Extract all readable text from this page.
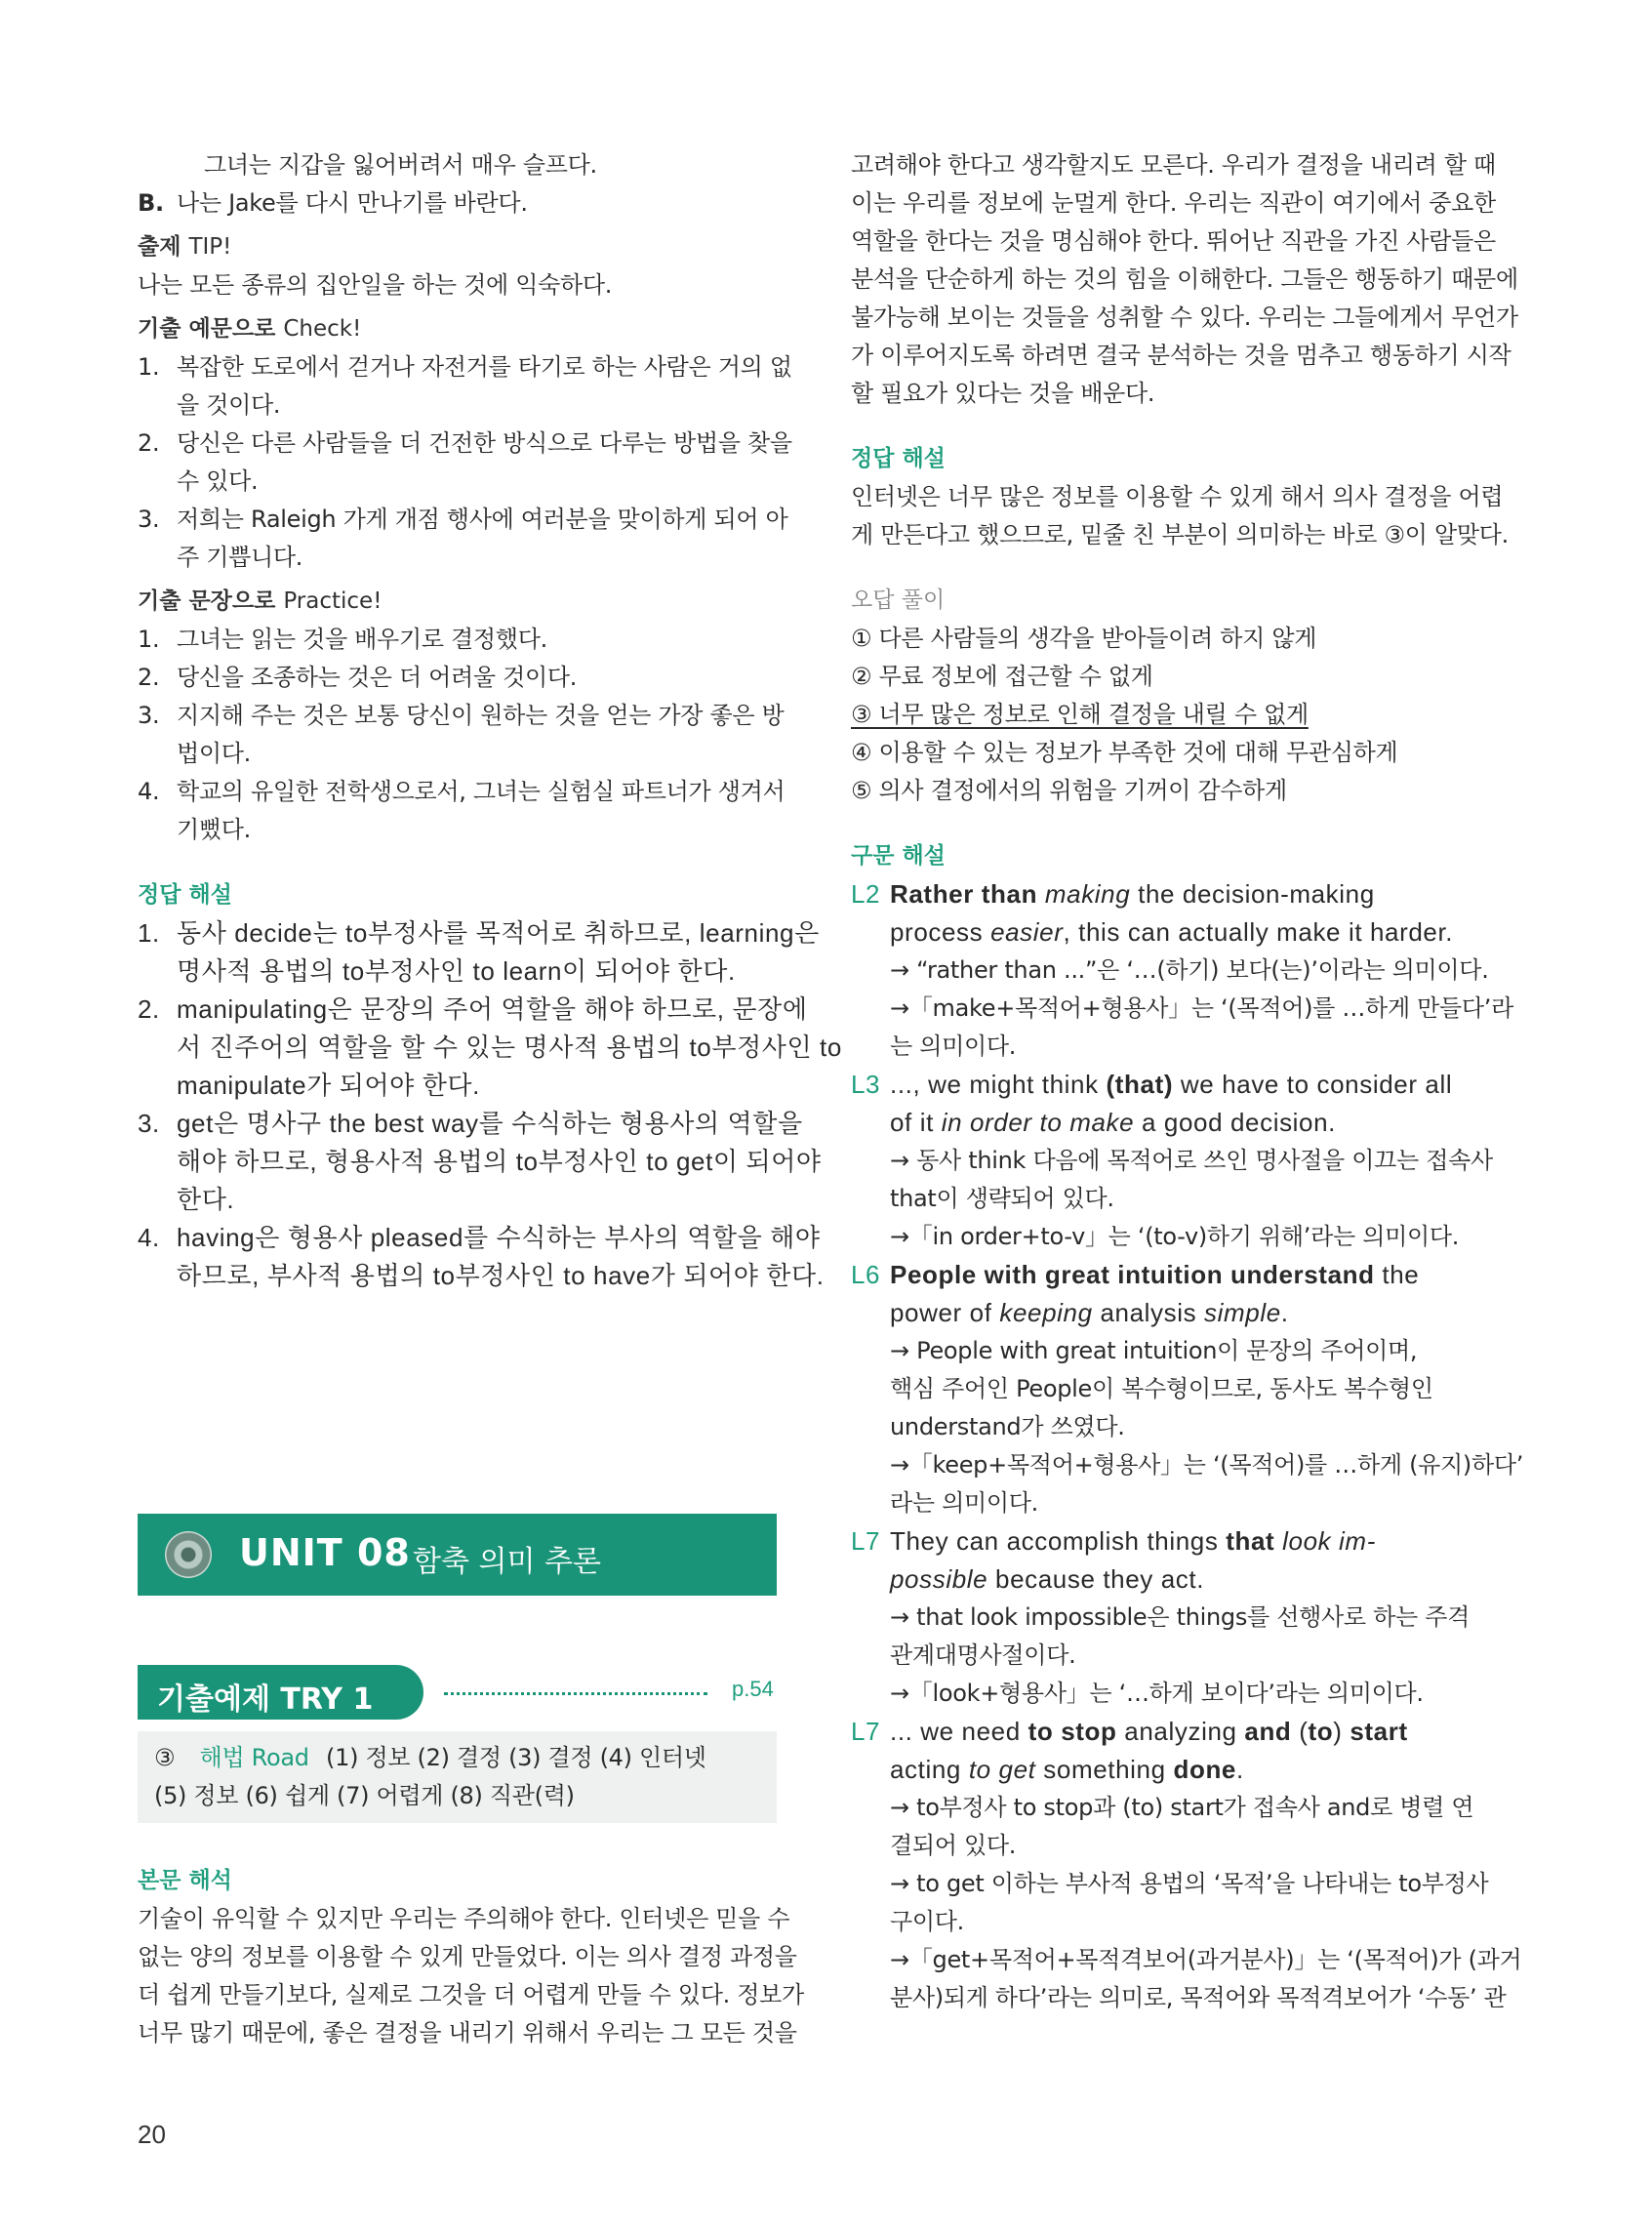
그녀는 지갑을 잃어버려서 매우 슬프다.
B. 나는 Jake를 다시 만나기를 바란다.
출제 TIP!
나는 모든 종류의 집안일을 하는 것에 익숙하다.
기출 예문으로 Check!
1. 복잡한 도로에서 걷거나 자전거를 타기로 하는 사람은 거의 없
을 것이다.
2. 당신은 다른 사람들을 더 건전한 방식으로 다루는 방법을 찾을
수 있다.
3. 저희는 Raleigh 가게 개점 행사에 여러분을 맞이하게 되어 아
주 기쁩니다.
기출 문장으로 Practice!
1. 그녀는 읽는 것을 배우기로 결정했다.
2. 당신을 조종하는 것은 더 어려울 것이다.
3. 지지해 주는 것은 보통 당신이 원하는 것을 얻는 가장 좋은 방
법이다.
4. 학교의 유일한 전학생으로서, 그녀는 실험실 파트너가 생겨서
기뻤다.
정답 해설
1. 동사 decide는 to부정사를 목적어로 취하므로, learning은
명사적 용법의 to부정사인 to learn이 되어야 한다.
2. manipulating은 문장의 주어 역할을 해야 하므로, 문장에
서 진주어의 역할을 할 수 있는 명사적 용법의 to부정사인 to
manipulate가 되어야 한다.
3. get은 명사구 the best way를 수식하는 형용사의 역할을
해야 하므로, 형용사적 용법의 to부정사인 to get이 되어야
한다.
4. having은 형용사 pleased를 수식하는 부사의 역할을 해야
하므로, 부사적 용법의 to부정사인 to have가 되어야 한다.
UNIT 08 함축 의미 추론
기출예제 TRY 1	p.54
③ 해법 Road (1) 정보 (2) 결정 (3) 결정 (4) 인터넷
(5) 정보 (6) 쉽게 (7) 어렵게 (8) 직관(력)
본문 해석
기술이 유익할 수 있지만 우리는 주의해야 한다. 인터넷은 믿을 수
없는 양의 정보를 이용할 수 있게 만들었다. 이는 의사 결정 과정을
더 쉽게 만들기보다, 실제로 그것을 더 어렵게 만들 수 있다. 정보가
너무 많기 때문에, 좋은 결정을 내리기 위해서 우리는 그 모든 것을
고려해야 한다고 생각할지도 모른다. 우리가 결정을 내리려 할 때
이는 우리를 정보에 눈멀게 한다. 우리는 직관이 여기에서 중요한
역할을 한다는 것을 명심해야 한다. 뛰어난 직관을 가진 사람들은
분석을 단순하게 하는 것의 힘을 이해한다. 그들은 행동하기 때문에
불가능해 보이는 것들을 성취할 수 있다. 우리는 그들에게서 무언가
가 이루어지도록 하려면 결국 분석하는 것을 멈추고 행동하기 시작
할 필요가 있다는 것을 배운다.
정답 해설
인터넷은 너무 많은 정보를 이용할 수 있게 해서 의사 결정을 어렵
게 만든다고 했으므로, 밑줄 친 부분이 의미하는 바로 ③이 알맞다.
오답 풀이
① 다른 사람들의 생각을 받아들이려 하지 않게
② 무료 정보에 접근할 수 없게
③ 너무 많은 정보로 인해 결정을 내릴 수 없게
④ 이용할 수 있는 정보가 부족한 것에 대해 무관심하게
⑤ 의사 결정에서의 위험을 기꺼이 감수하게
구문 해설
L2 Rather than making the decision-making
process easier, this can actually make it harder.
→ “rather than ...”은 ‘…(하기) 보다(는)’이라는 의미이다.
→「make+목적어+형용사」는 ‘(목적어)를 …하게 만들다’라
는 의미이다.
L3 ..., we might think (that) we have to consider all
of it in order to make a good decision.
→ 동사 think 다음에 목적어로 쓰인 명사절을 이끄는 접속사
that이 생략되어 있다.
→「in order+to-v」는 ‘(to-v)하기 위해’라는 의미이다.
L6 People with great intuition understand the
power of keeping analysis simple.
→ People with great intuition이 문장의 주어이며,
핵심 주어인 People이 복수형이므로, 동사도 복수형인
understand가 쓰였다.
→「keep+목적어+형용사」는 ‘(목적어)를 …하게 (유지)하다’
라는 의미이다.
L7 They can accomplish things that look im-
possible because they act.
→ that look impossible은 things를 선행사로 하는 주격
관계대명사절이다.
→「look+형용사」는 ‘…하게 보이다’라는 의미이다.
L7 ... we need to stop analyzing and (to) start
acting to get something done.
→ to부정사 to stop과 (to) start가 접속사 and로 병렬 연
결되어 있다.
→ to get 이하는 부사적 용법의 ‘목적’을 나타내는 to부정사
구이다.
→「get+목적어+목적격보어(과거분사)」는 ‘(목적어)가 (과거
분사)되게 하다’라는 의미로, 목적어와 목적격보어가 ‘수동’ 관
20
